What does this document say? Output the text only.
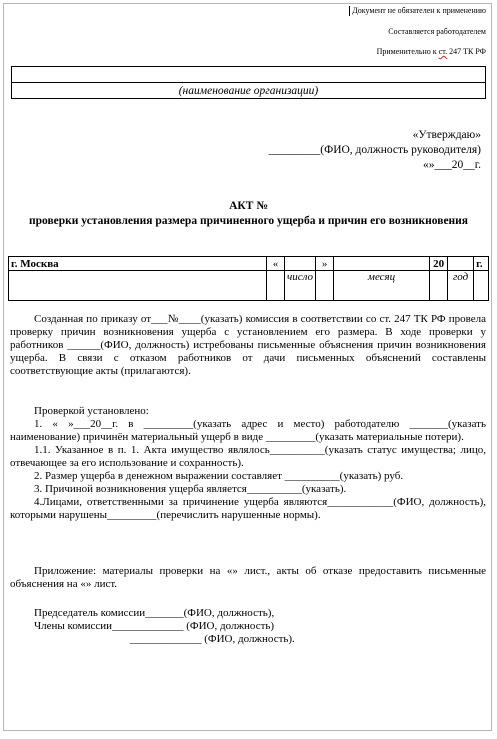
Документ не обязателен к применению
Составляется работодателем
Применительно к ст. 247 ТК РФ

(наименование организации)
«Утверждаю»
_________(ФИО, должность руководителя)
«»___20__г.
АКТ №
проверки установления размера причиненного ущерба и причин его возникновения
г. Москва	«		»		20		г.
		число		месяц		год	
Созданная по приказу от___№____(указать) комиссия в соответствии со ст. 247 ТК РФ провела проверку причин возникновения ущерба с установлением его размера. В ходе проверки у работников ______(ФИО, должность) истребованы письменные объяснения причин возникновения ущерба. В связи с отказом работников от дачи письменных объяснений составлены соответствующие акты (прилагаются).
Проверкой установлено:
1. « »___20__г. в _________(указать адрес и место) работодателю _______(указать наименование) причинён материальный ущерб в виде _________(указать материальные потери).
1.1. Указанное в п. 1. Акта имущество являлось__________(указать статус имущества; лицо, отвечающее за его использование и сохранность).
2. Размер ущерба в денежном выражении составляет __________(указать) руб.
3. Причиной возникновения ущерба является__________(указать).
4.Лицами, ответственными за причинение ущерба являются____________(ФИО, должность), которыми нарушены_________(перечислить нарушенные нормы).
Приложение: материалы проверки на «» лист., акты об отказе предоставить письменные объяснения на «» лист.
Председатель комиссии_______(ФИО, должность),
Члены комиссии_____________ (ФИО, должность)
_____________ (ФИО, должность).
